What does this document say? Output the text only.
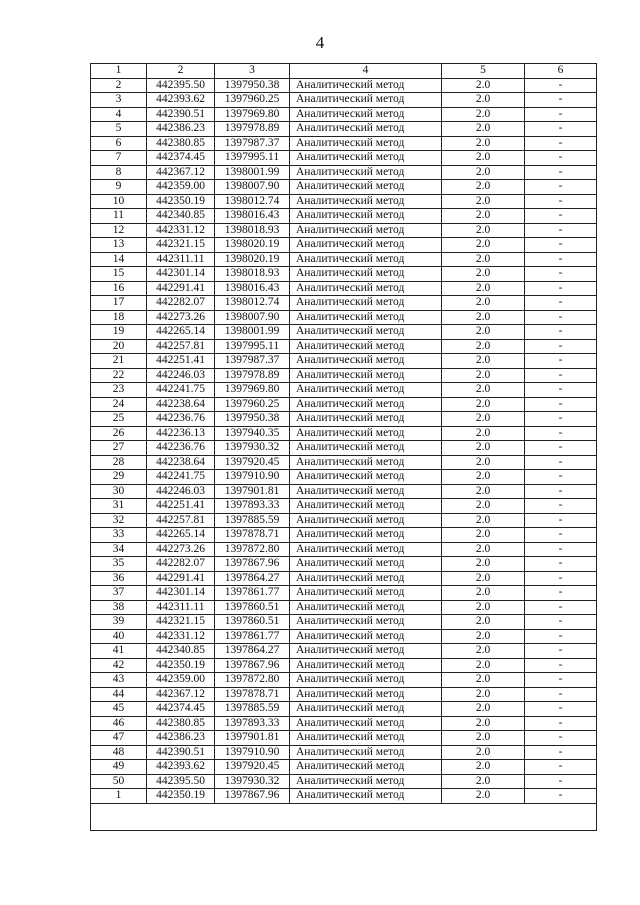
4
1	2	3	4	5	6
2	442395.50	1397950.38	Аналитический метод	2.0	-
3	442393.62	1397960.25	Аналитический метод	2.0	-
4	442390.51	1397969.80	Аналитический метод	2.0	-
5	442386.23	1397978.89	Аналитический метод	2.0	-
6	442380.85	1397987.37	Аналитический метод	2.0	-
7	442374.45	1397995.11	Аналитический метод	2.0	-
8	442367.12	1398001.99	Аналитический метод	2.0	-
9	442359.00	1398007.90	Аналитический метод	2.0	-
10	442350.19	1398012.74	Аналитический метод	2.0	-
11	442340.85	1398016.43	Аналитический метод	2.0	-
12	442331.12	1398018.93	Аналитический метод	2.0	-
13	442321.15	1398020.19	Аналитический метод	2.0	-
14	442311.11	1398020.19	Аналитический метод	2.0	-
15	442301.14	1398018.93	Аналитический метод	2.0	-
16	442291.41	1398016.43	Аналитический метод	2.0	-
17	442282.07	1398012.74	Аналитический метод	2.0	-
18	442273.26	1398007.90	Аналитический метод	2.0	-
19	442265.14	1398001.99	Аналитический метод	2.0	-
20	442257.81	1397995.11	Аналитический метод	2.0	-
21	442251.41	1397987.37	Аналитический метод	2.0	-
22	442246.03	1397978.89	Аналитический метод	2.0	-
23	442241.75	1397969.80	Аналитический метод	2.0	-
24	442238.64	1397960.25	Аналитический метод	2.0	-
25	442236.76	1397950.38	Аналитический метод	2.0	-
26	442236.13	1397940.35	Аналитический метод	2.0	-
27	442236.76	1397930.32	Аналитический метод	2.0	-
28	442238.64	1397920.45	Аналитический метод	2.0	-
29	442241.75	1397910.90	Аналитический метод	2.0	-
30	442246.03	1397901.81	Аналитический метод	2.0	-
31	442251.41	1397893.33	Аналитический метод	2.0	-
32	442257.81	1397885.59	Аналитический метод	2.0	-
33	442265.14	1397878.71	Аналитический метод	2.0	-
34	442273.26	1397872.80	Аналитический метод	2.0	-
35	442282.07	1397867.96	Аналитический метод	2.0	-
36	442291.41	1397864.27	Аналитический метод	2.0	-
37	442301.14	1397861.77	Аналитический метод	2.0	-
38	442311.11	1397860.51	Аналитический метод	2.0	-
39	442321.15	1397860.51	Аналитический метод	2.0	-
40	442331.12	1397861.77	Аналитический метод	2.0	-
41	442340.85	1397864.27	Аналитический метод	2.0	-
42	442350.19	1397867.96	Аналитический метод	2.0	-
43	442359.00	1397872.80	Аналитический метод	2.0	-
44	442367.12	1397878.71	Аналитический метод	2.0	-
45	442374.45	1397885.59	Аналитический метод	2.0	-
46	442380.85	1397893.33	Аналитический метод	2.0	-
47	442386.23	1397901.81	Аналитический метод	2.0	-
48	442390.51	1397910.90	Аналитический метод	2.0	-
49	442393.62	1397920.45	Аналитический метод	2.0	-
50	442395.50	1397930.32	Аналитический метод	2.0	-
1	442350.19	1397867.96	Аналитический метод	2.0	-
